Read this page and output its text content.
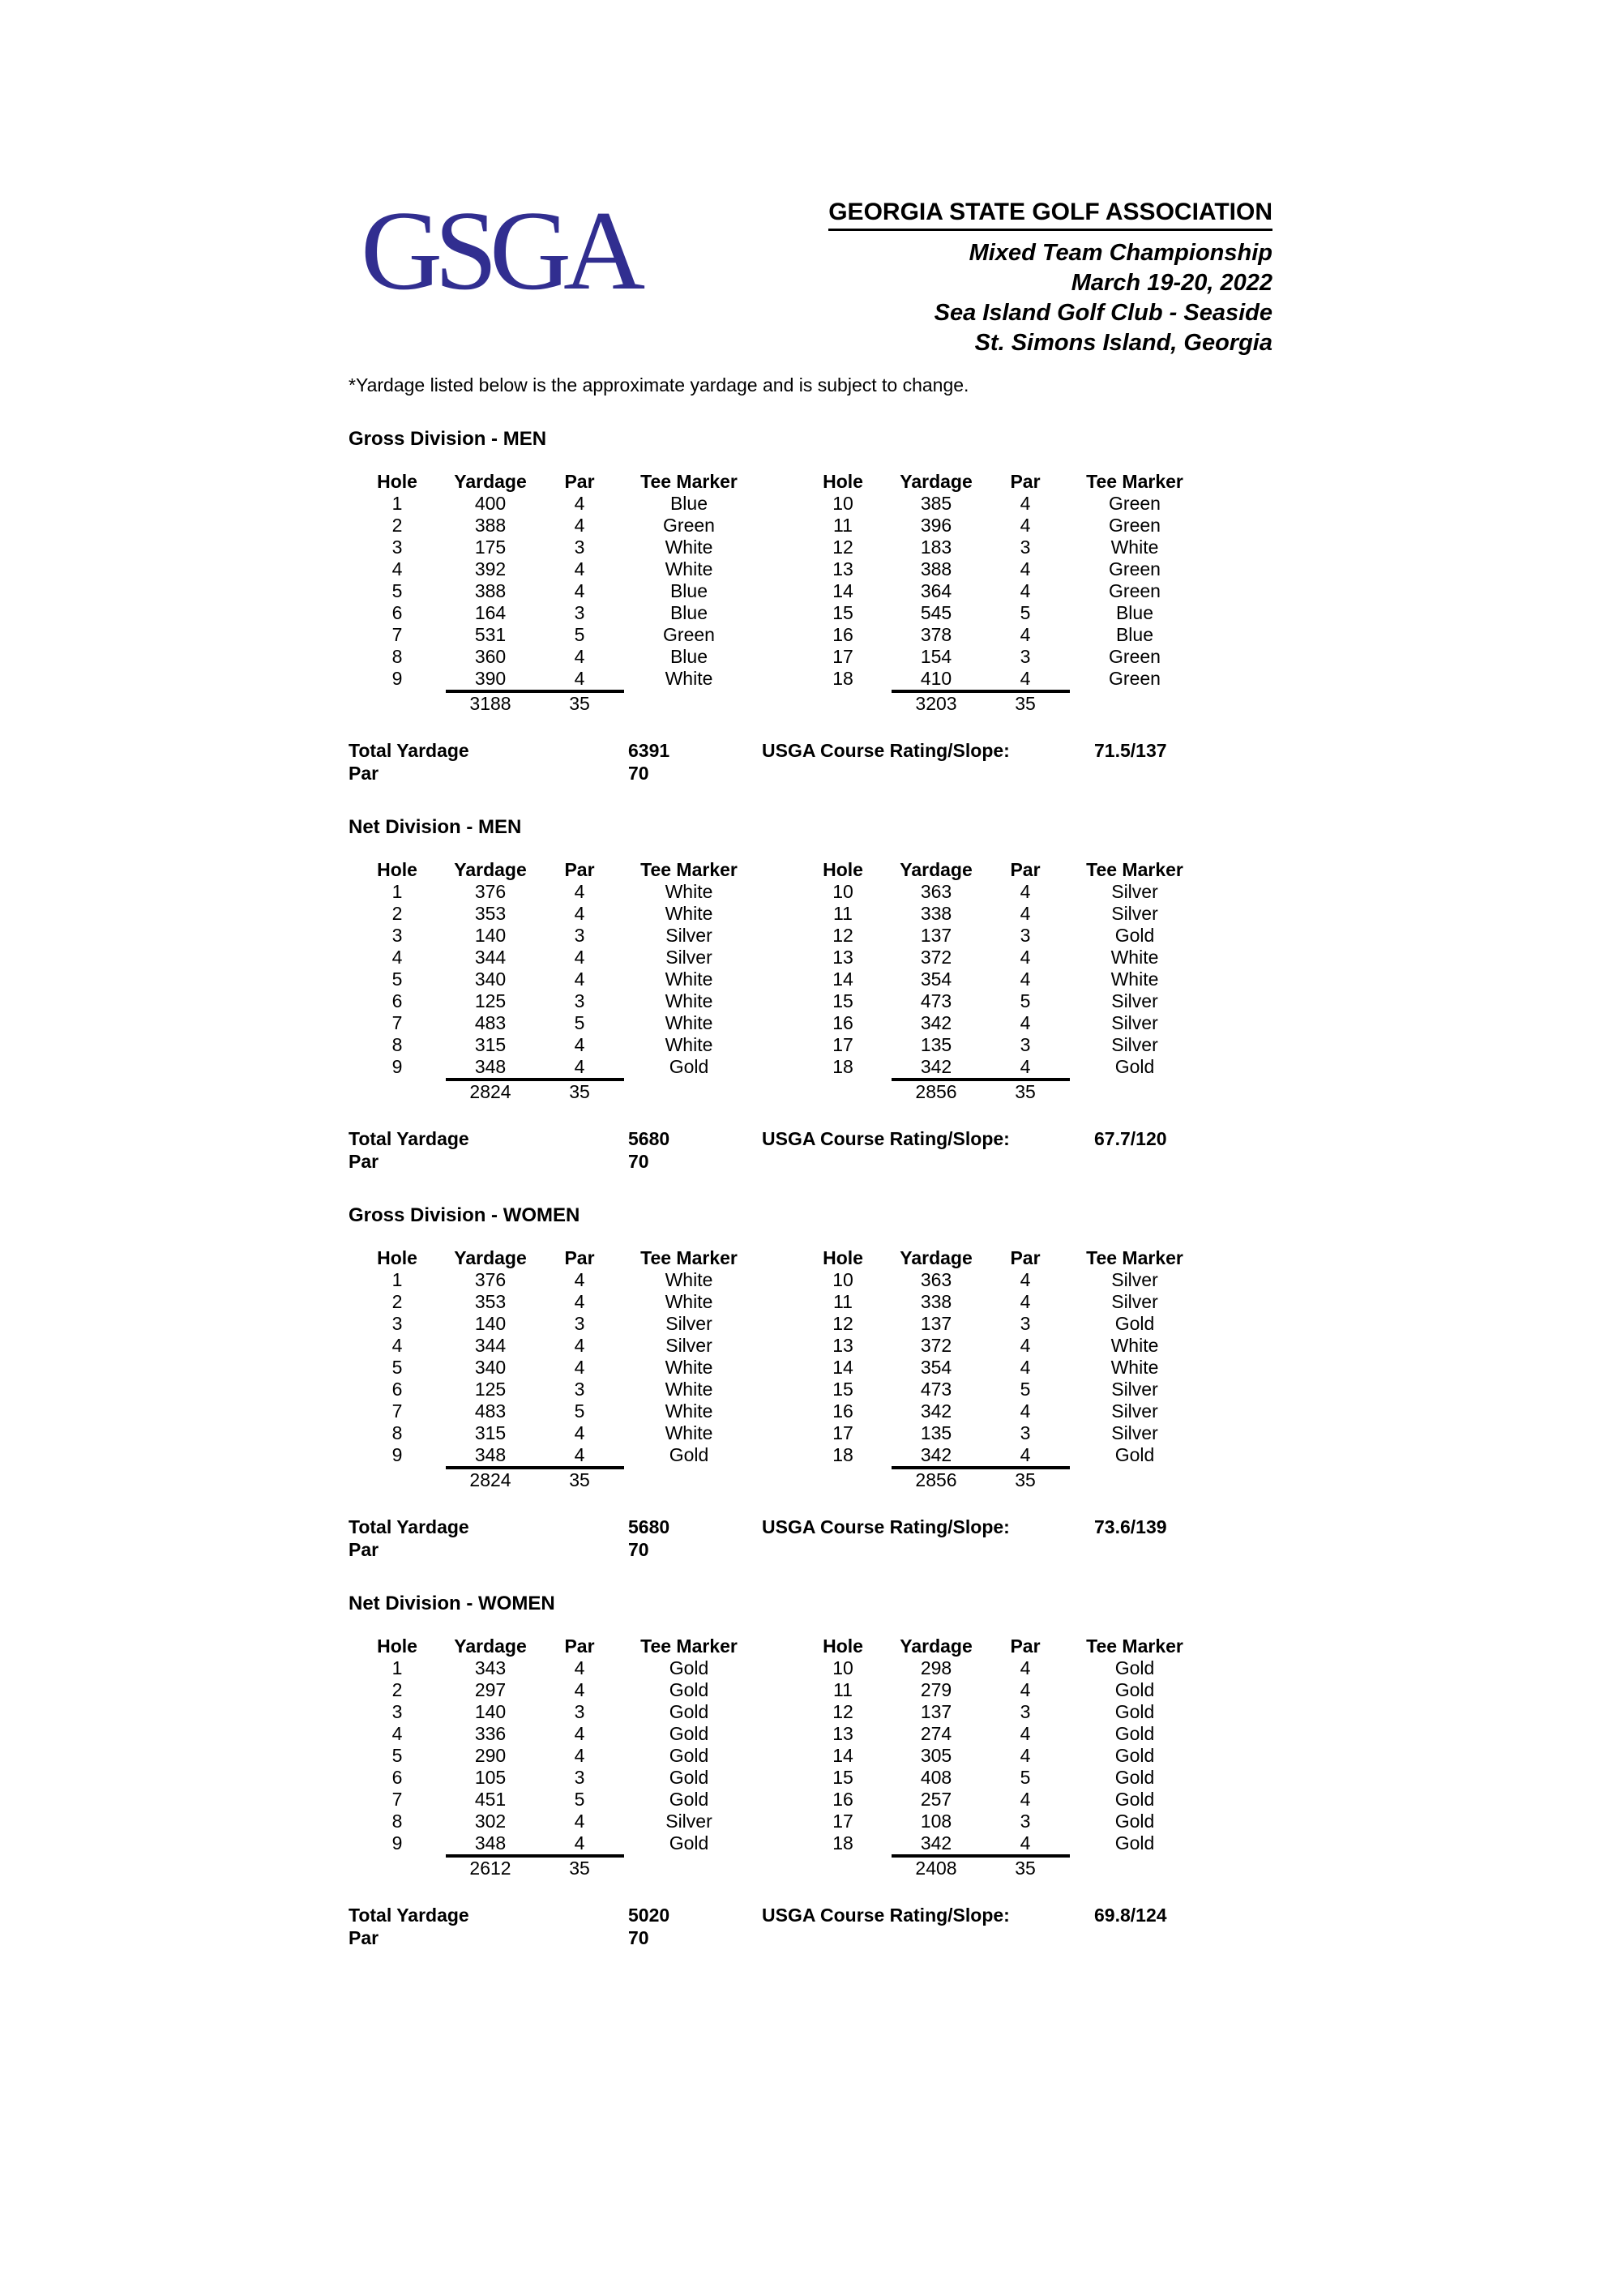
GSGA	GEORGIA STATE GOLF ASSOCIATION
Mixed Team Championship
March 19-20, 2022
Sea Island Golf Club - Seaside
St. Simons Island, Georgia
*Yardage listed below is the approximate yardage and is subject to change.
Gross Division - MEN
Hole	Yardage	Par	Tee Marker
1	400	4	Blue
2	388	4	Green
3	175	3	White
4	392	4	White
5	388	4	Blue
6	164	3	Blue
7	531	5	Green
8	360	4	Blue
9	390	4	White
3188	35
Hole	Yardage	Par	Tee Marker
10	385	4	Green
11	396	4	Green
12	183	3	White
13	388	4	Green
14	364	4	Green
15	545	5	Blue
16	378	4	Blue
17	154	3	Green
18	410	4	Green
3203	35
Total Yardage	6391	USGA Course Rating/Slope:	71.5/137
Par	70
Net Division - MEN
Hole	Yardage	Par	Tee Marker
1	376	4	White
2	353	4	White
3	140	3	Silver
4	344	4	Silver
5	340	4	White
6	125	3	White
7	483	5	White
8	315	4	White
9	348	4	Gold
2824	35
Hole	Yardage	Par	Tee Marker
10	363	4	Silver
11	338	4	Silver
12	137	3	Gold
13	372	4	White
14	354	4	White
15	473	5	Silver
16	342	4	Silver
17	135	3	Silver
18	342	4	Gold
2856	35
Total Yardage	5680	USGA Course Rating/Slope:	67.7/120
Par	70
Gross Division - WOMEN
Hole	Yardage	Par	Tee Marker
1	376	4	White
2	353	4	White
3	140	3	Silver
4	344	4	Silver
5	340	4	White
6	125	3	White
7	483	5	White
8	315	4	White
9	348	4	Gold
2824	35
Hole	Yardage	Par	Tee Marker
10	363	4	Silver
11	338	4	Silver
12	137	3	Gold
13	372	4	White
14	354	4	White
15	473	5	Silver
16	342	4	Silver
17	135	3	Silver
18	342	4	Gold
2856	35
Total Yardage	5680	USGA Course Rating/Slope:	73.6/139
Par	70
Net Division - WOMEN
Hole	Yardage	Par	Tee Marker
1	343	4	Gold
2	297	4	Gold
3	140	3	Gold
4	336	4	Gold
5	290	4	Gold
6	105	3	Gold
7	451	5	Gold
8	302	4	Silver
9	348	4	Gold
2612	35
Hole	Yardage	Par	Tee Marker
10	298	4	Gold
11	279	4	Gold
12	137	3	Gold
13	274	4	Gold
14	305	4	Gold
15	408	5	Gold
16	257	4	Gold
17	108	3	Gold
18	342	4	Gold
2408	35
Total Yardage	5020	USGA Course Rating/Slope:	69.8/124
Par	70
